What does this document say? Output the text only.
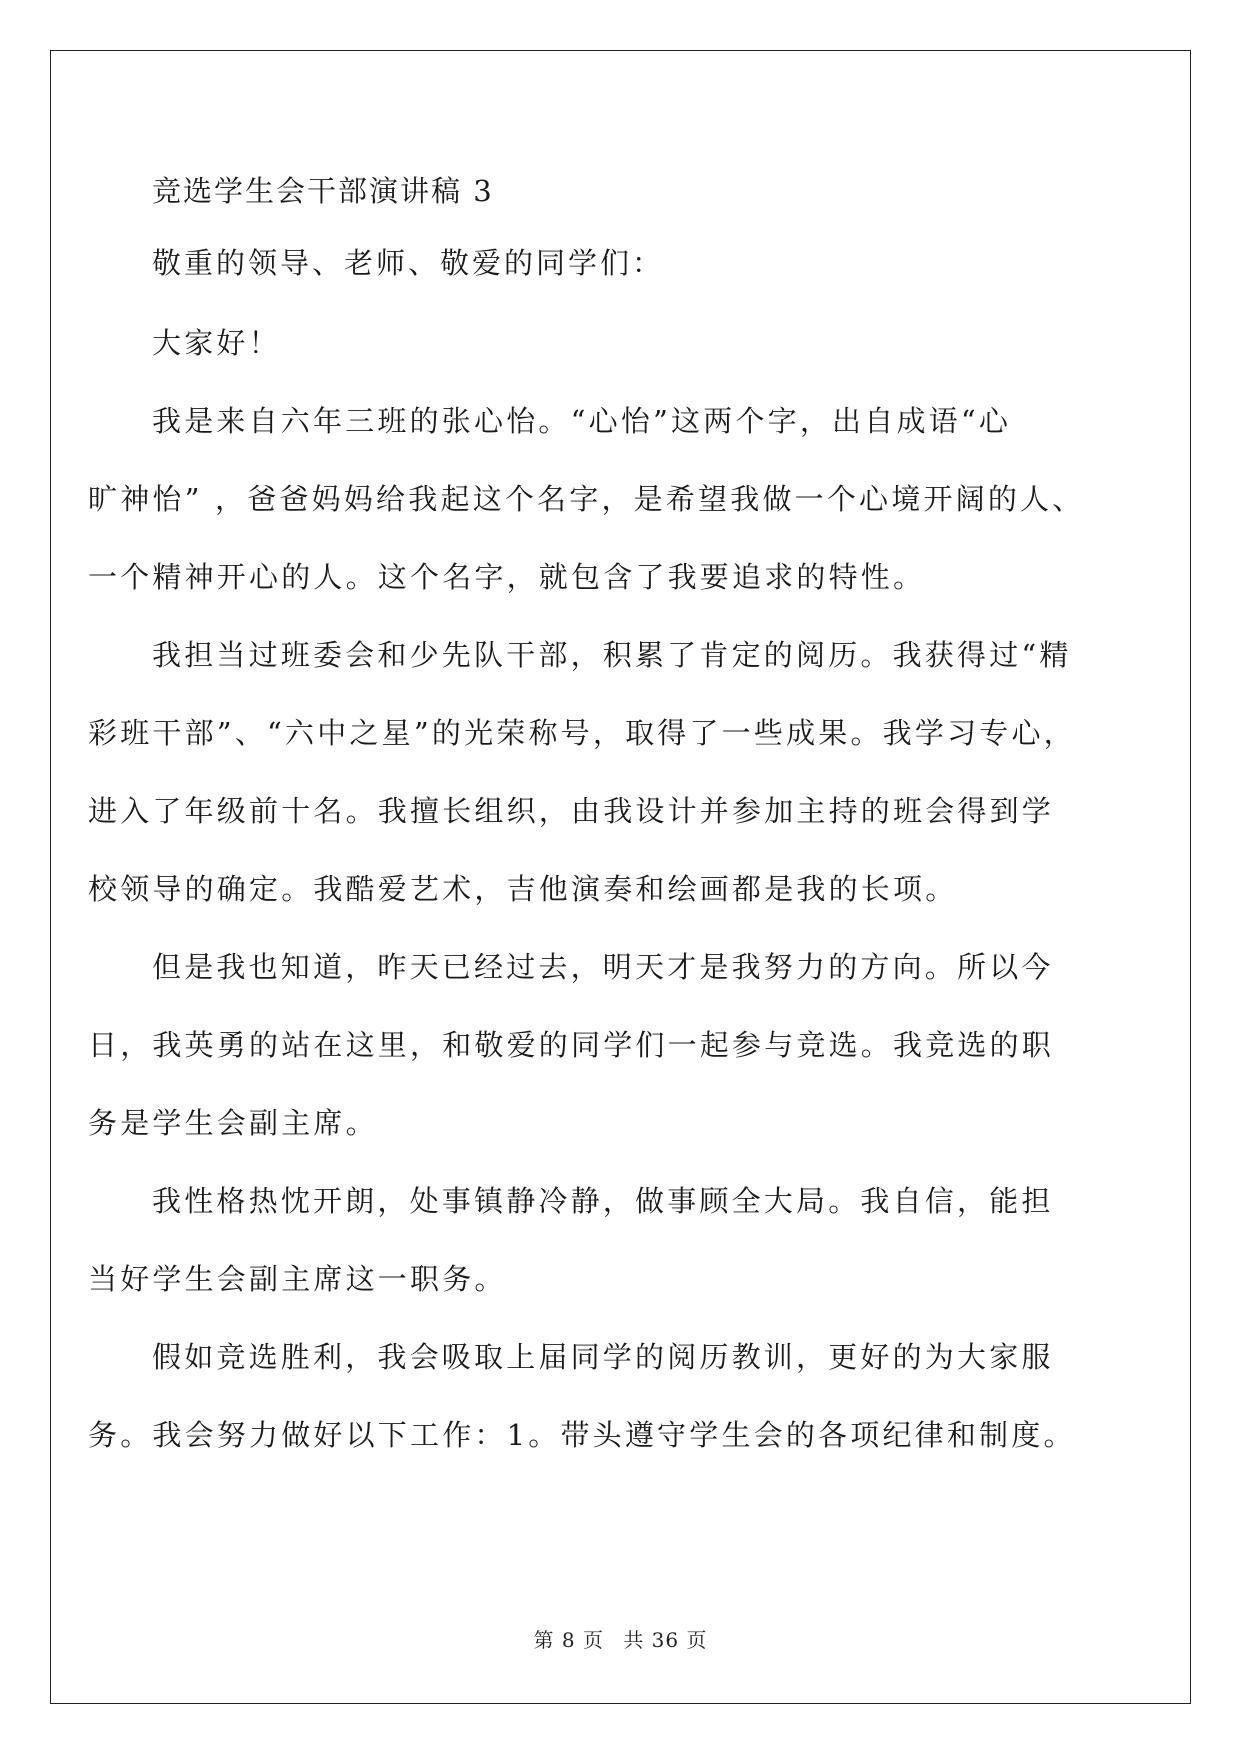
竞选学生会干部演讲稿 3
敬重的领导、老师、敬爱的同学们：
大家好！
我是来自六年三班的张心怡。“心怡”这两个字，出自成语“心
旷神怡” ，爸爸妈妈给我起这个名字，是希望我做一个心境开阔的人、
一个精神开心的人。这个名字，就包含了我要追求的特性。
我担当过班委会和少先队干部，积累了肯定的阅历。我获得过“精
彩班干部”、“六中之星”的光荣称号，取得了一些成果。我学习专心，
进入了年级前十名。我擅长组织，由我设计并参加主持的班会得到学
校领导的确定。我酷爱艺术，吉他演奏和绘画都是我的长项。
但是我也知道，昨天已经过去，明天才是我努力的方向。所以今
日，我英勇的站在这里，和敬爱的同学们一起参与竞选。我竞选的职
务是学生会副主席。
我性格热忱开朗，处事镇静冷静，做事顾全大局。我自信，能担
当好学生会副主席这一职务。
假如竞选胜利，我会吸取上届同学的阅历教训，更好的为大家服
务。我会努力做好以下工作：1。带头遵守学生会的各项纪律和制度。
第 8 页 共 36 页
